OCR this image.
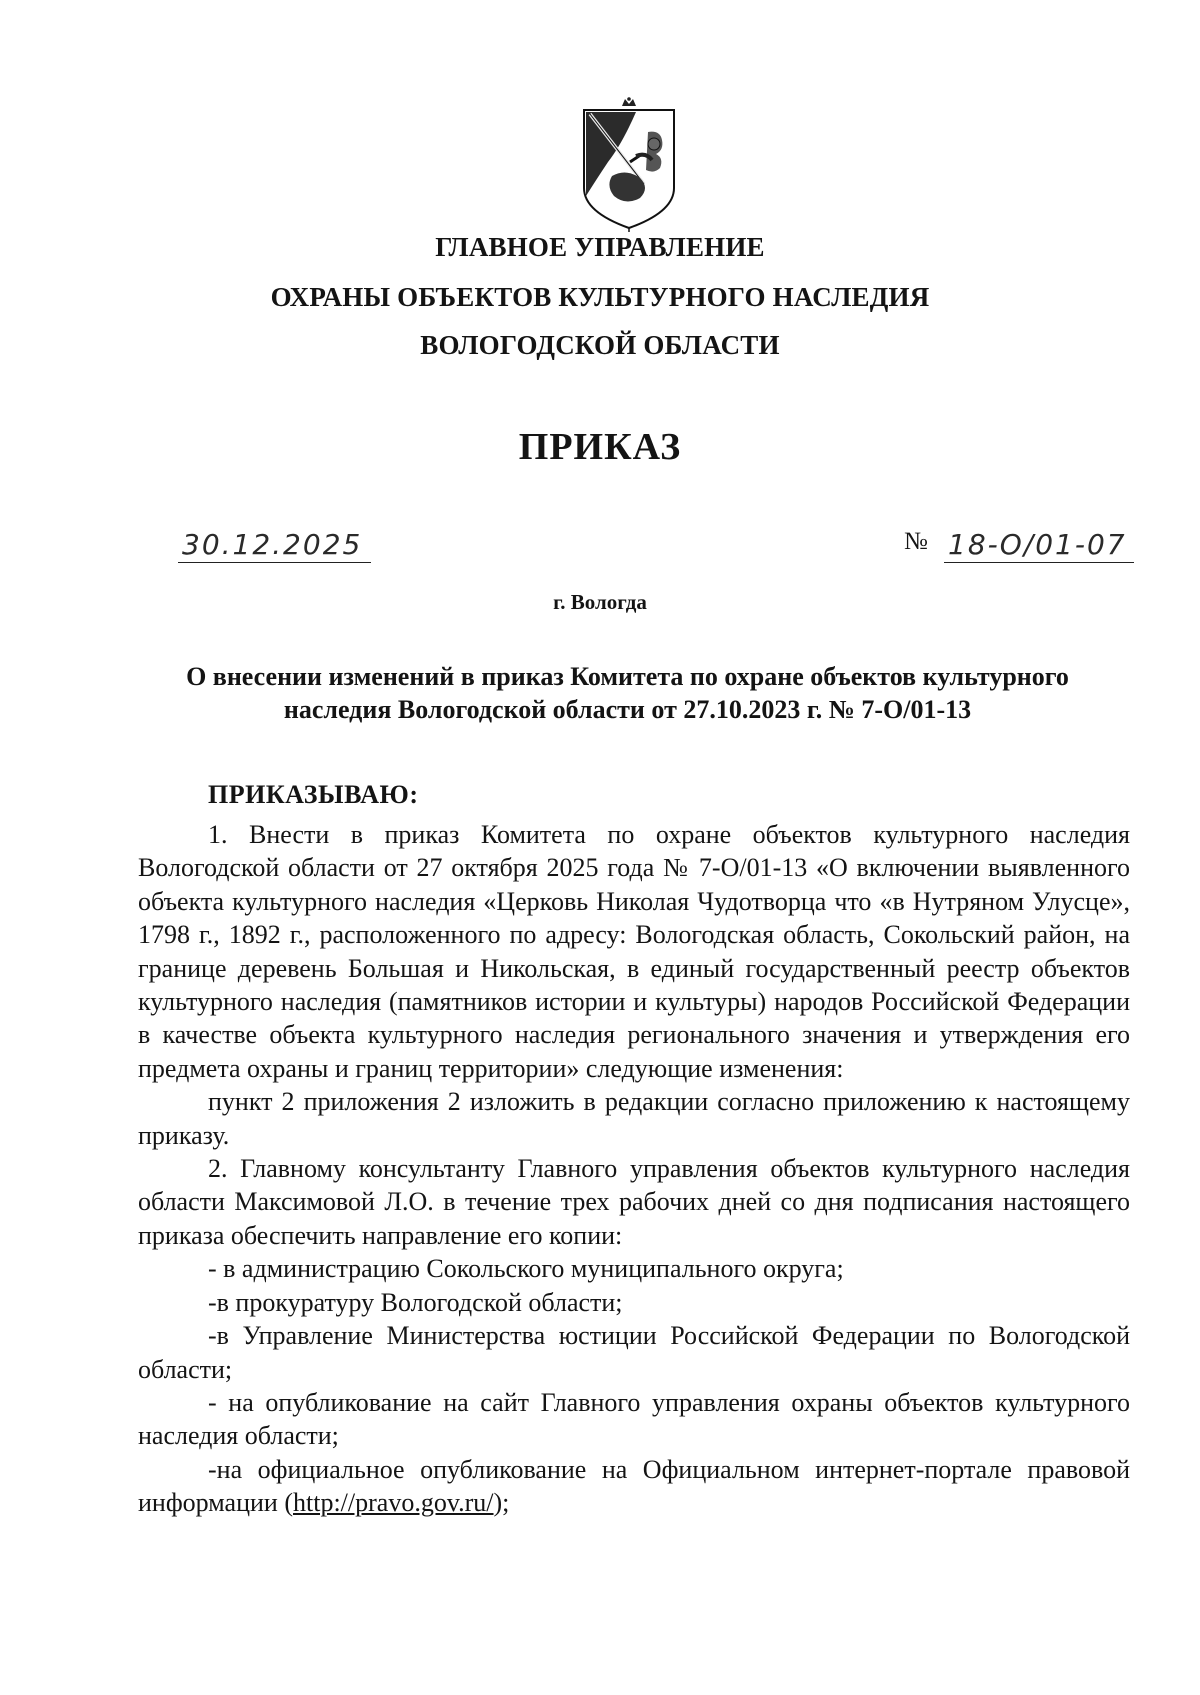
ГЛАВНОЕ УПРАВЛЕНИЕ
ОХРАНЫ ОБЪЕКТОВ КУЛЬТУРНОГО НАСЛЕДИЯ
ВОЛОГОДСКОЙ ОБЛАСТИ
ПРИКАЗ
30.12.2025	№ 18-О/01-07
г. Вологда
О внесении изменений в приказ Комитета по охране объектов культурного наследия Вологодской области от 27.10.2023 г. № 7-О/01-13
ПРИКАЗЫВАЮ:

1. Внести в приказ Комитета по охране объектов культурного наследия Вологодской области от 27 октября 2025 года № 7-О/01-13 «О включении выявленного объекта культурного наследия «Церковь Николая Чудотворца что «в Нутряном Улусце», 1798 г., 1892 г., расположенного по адресу: Вологодская область, Сокольский район, на границе деревень Большая и Никольская, в единый государственный реестр объектов культурного наследия (памятников истории и культуры) народов Российской Федерации в качестве объекта культурного наследия регионального значения и утверждения его предмета охраны и границ территории» следующие изменения:

пункт 2 приложения 2 изложить в редакции согласно приложению к настоящему приказу.

2. Главному консультанту Главного управления объектов культурного наследия области Максимовой Л.О. в течение трех рабочих дней со дня подписания настоящего приказа обеспечить направление его копии:

- в администрацию Сокольского муниципального округа;

-в прокуратуру Вологодской области;

-в Управление Министерства юстиции Российской Федерации по Вологодской области;

- на опубликование на сайт Главного управления охраны объектов культурного наследия области;

-на официальное опубликование на Официальном интернет-портале правовой информации (http://pravo.gov.ru/);
